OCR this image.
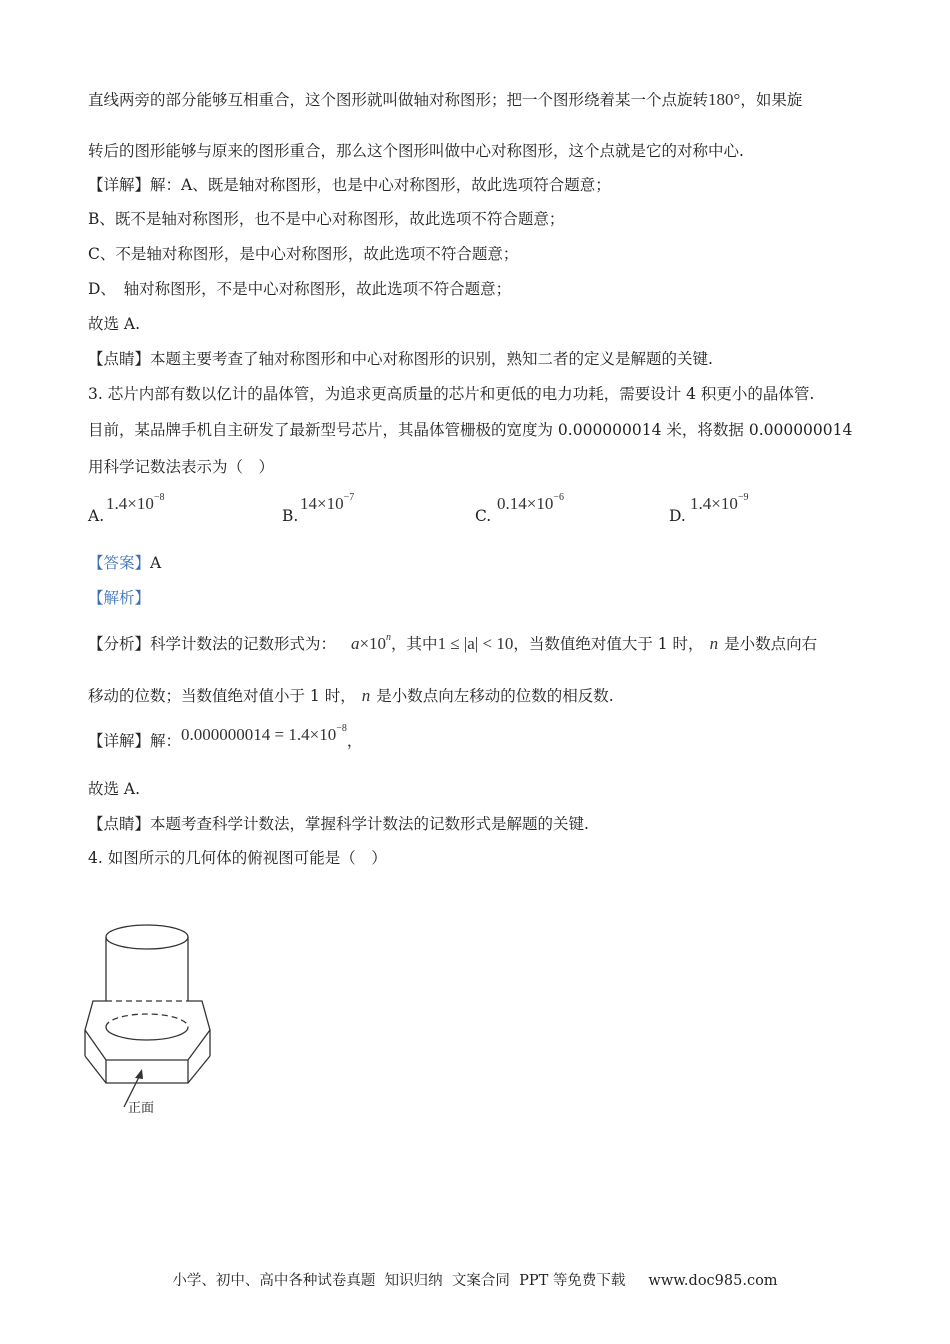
直线两旁的部分能够互相重合，这个图形就叫做轴对称图形；把一个图形绕着某一个点旋转180°，如果旋
转后的图形能够与原来的图形重合，那么这个图形叫做中心对称图形，这个点就是它的对称中心.
【详解】解：A、既是轴对称图形，也是中心对称图形，故此选项符合题意；
B、既不是轴对称图形，也不是中心对称图形，故此选项不符合题意；
C、不是轴对称图形，是中心对称图形，故此选项不符合题意；
D、　轴对称图形，不是中心对称图形，故此选项不符合题意；
故选 A.
【点睛】本题主要考查了轴对称图形和中心对称图形的识别，熟知二者的定义是解题的关键.
3. 芯片内部有数以亿计的晶体管，为追求更高质量的芯片和更低的电力功耗，需要设计 4 积更小的晶体管.
目前，某品牌手机自主研发了最新型号芯片，其晶体管栅极的宽度为 0.000000014 米，将数据 0.000000014
用科学记数法表示为（　）
A.
$1.4\times 10^{-8}$
B.
$14\times 10^{-7}$
C.
$0.14\times 10^{-6}$
D.
$1.4\times 10^{-9}$
【答案】A
【解析】
【分析】科学计数法的记数形式为： $a\times 10^n$，其中1 ≤ |a| < 10，当数值绝对值大于 1 时， n 是小数点向右
移动的位数；当数值绝对值小于 1 时， n 是小数点向左移动的位数的相反数.
【详解】解：$0.000000014 = 1.4\times 10^{-8}$，
故选 A.
【点睛】本题考查科学计数法，掌握科学计数法的记数形式是解题的关键.
4. 如图所示的几何体的俯视图可能是（　）
正面
小学、初中、高中各种试卷真题  知识归纳  文案合同  PPT 等免费下载     www.doc985.com
